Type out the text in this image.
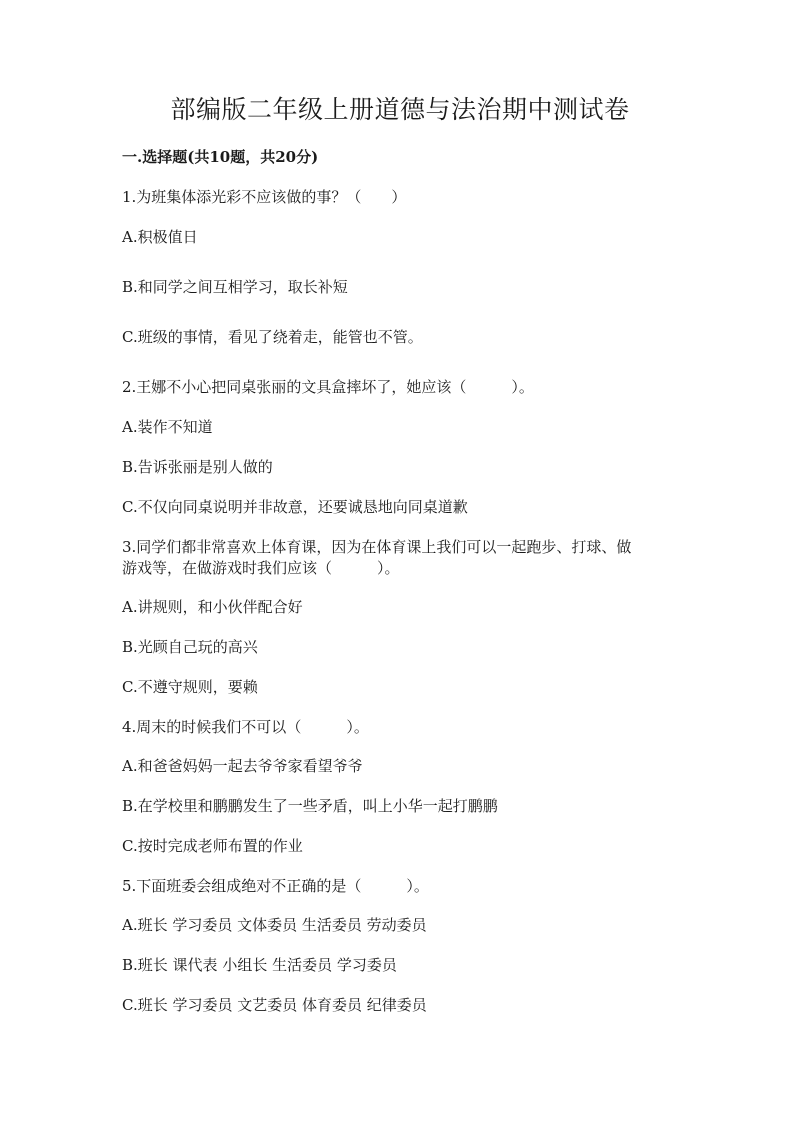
部编版二年级上册道德与法治期中测试卷
一.选择题(共10题，共20分)
1.为班集体添光彩不应该做的事？（　　）
A.积极值日
B.和同学之间互相学习，取长补短
C.班级的事情，看见了绕着走，能管也不管。
2.王娜不小心把同桌张丽的文具盒摔坏了，她应该（　　　）。
A.装作不知道
B.告诉张丽是别人做的
C.不仅向同桌说明并非故意，还要诚恳地向同桌道歉
3.同学们都非常喜欢上体育课，因为在体育课上我们可以一起跑步、打球、做
游戏等，在做游戏时我们应该（　　　）。
A.讲规则，和小伙伴配合好
B.光顾自己玩的高兴
C.不遵守规则，要赖
4.周末的时候我们不可以（　　　）。
A.和爸爸妈妈一起去爷爷家看望爷爷
B.在学校里和鹏鹏发生了一些矛盾，叫上小华一起打鹏鹏
C.按时完成老师布置的作业
5.下面班委会组成绝对不正确的是（　　　）。
A.班长 学习委员 文体委员 生活委员 劳动委员
B.班长 课代表 小组长 生活委员 学习委员
C.班长 学习委员 文艺委员 体育委员 纪律委员
